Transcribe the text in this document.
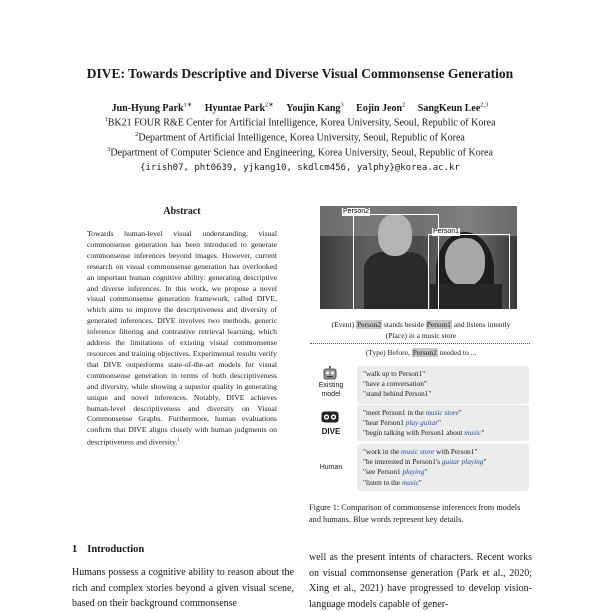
DIVE: Towards Descriptive and Diverse Visual Commonsense Generation
Jun-Hyung Park$^{1∗}$ Hyuntae Park$^{2∗}$ Youjin Kang$^3$ Eojin Jeon$^2$ SangKeun Lee$^{2,3}$
$^1$BK21 FOUR R&E Center for Artificial Intelligence, Korea University, Seoul, Republic of Korea
$^2$Department of Artificial Intelligence, Korea University, Seoul, Republic of Korea
$^3$Department of Computer Science and Engineering, Korea University, Seoul, Republic of Korea
{irish07, pht0639, yjkang10, skdlcm456, yalphy}@korea.ac.kr
Abstract
Towards human-level visual understanding, visual commonsense generation has been introduced to generate commonsense inferences beyond images. However, current research on visual commonsense generation has overlooked an important human cognitive ability: generating descriptive and diverse inferences. In this work, we propose a novel visual commonsense generation framework, called DIVE, which aims to improve the descriptiveness and diversity of generated inferences. DIVE involves two methods, generic inference filtering and contrastive retrieval learning, which address the limitations of existing visual commonsense resources and training objectives. Experimental results verify that DIVE outperforms state-of-the-art models for visual commonsense generation in terms of both descriptiveness and diversity, while showing a superior quality in generating unique and novel inferences. Notably, DIVE achieves human-level descriptiveness and diversity on Visual Commonsense Graphs. Furthermore, human evaluations confirm that DIVE aligns closely with human judgments on descriptiveness and diversity.$^1$
1 Introduction
Humans possess a cognitive ability to reason about the rich and complex stories beyond a given visual scene, based on their background commonsense
well as the present intents of characters. Recent works on visual commonsense generation (Park et al., 2020; Xing et al., 2021) have progressed to develop vision-language models capable of gener-
Person2
Person1
(Event) Person2 stands beside Person1 and listens intently
(Place) in a music store
(Type) Before, Person2 needed to ...
Existing
model
"walk up to Person1"
"have a conversation"
"stand behind Person1"
DIVE
"meet Person1 in the music store"
"hear Person1 play guitar"
"begin talking with Person1 about music"
Human
"work in the music store with Person1"
"be interested in Person1's guitar playing"
"see Person1 playing"
"listen to the music"
Figure 1: Comparison of commonsense inferences from models and humans. Blue words represent key details.
